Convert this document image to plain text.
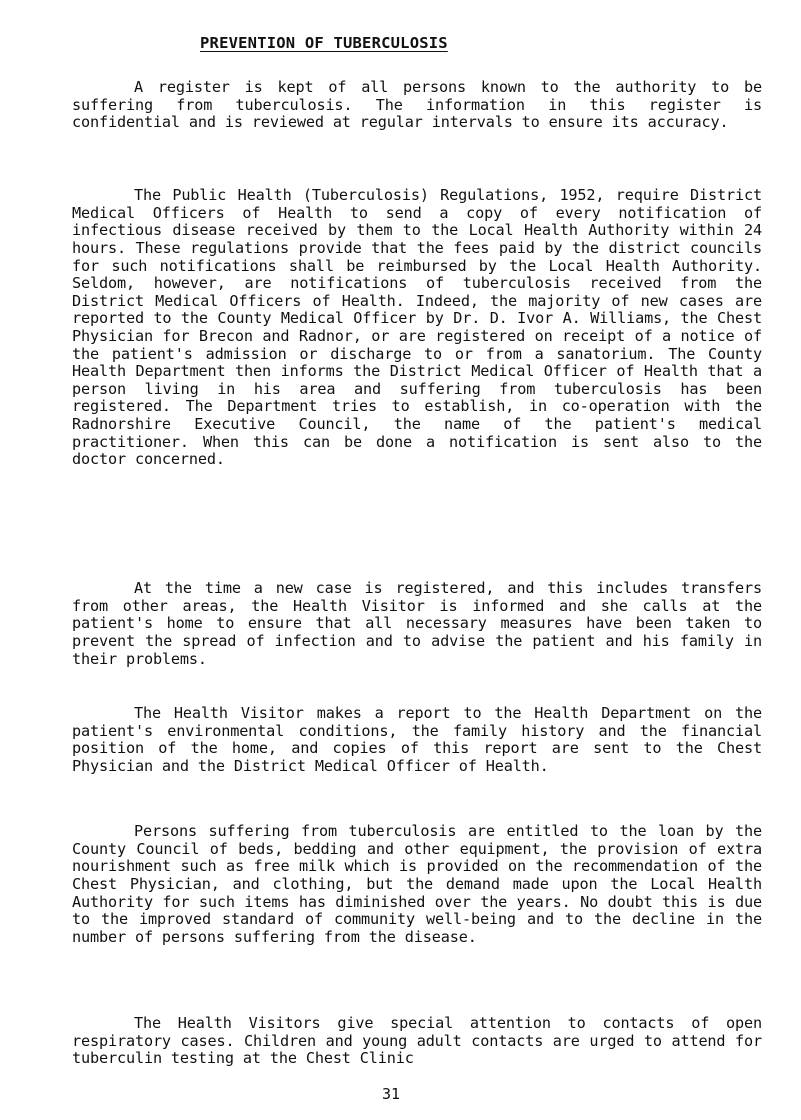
PREVENTION OF TUBERCULOSIS

A register is kept of all persons known to the authority to be suffering from tuberculosis. The information in this register is confidential and is reviewed at regular intervals to ensure its accuracy.

The Public Health (Tuberculosis) Regulations, 1952, require District Medical Officers of Health to send a copy of every notification of infectious disease received by them to the Local Health Authority within 24 hours. These regulations provide that the fees paid by the district councils for such notifications shall be reimbursed by the Local Health Authority. Seldom, however, are notifications of tuberculosis received from the District Medical Officers of Health. Indeed, the majority of new cases are reported to the County Medical Officer by Dr. D. Ivor A. Williams, the Chest Physician for Brecon and Radnor, or are registered on receipt of a notice of the patient's admission or discharge to or from a sanatorium. The County Health Department then informs the District Medical Officer of Health that a person living in his area and suffering from tuberculosis has been registered. The Department tries to establish, in co-operation with the Radnorshire Executive Council, the name of the patient's medical practitioner. When this can be done a notification is sent also to the doctor concerned.

At the time a new case is registered, and this includes transfers from other areas, the Health Visitor is informed and she calls at the patient's home to ensure that all necessary measures have been taken to prevent the spread of infection and to advise the patient and his family in their problems.

The Health Visitor makes a report to the Health Department on the patient's environmental conditions, the family history and the financial position of the home, and copies of this report are sent to the Chest Physician and the District Medical Officer of Health.

Persons suffering from tuberculosis are entitled to the loan by the County Council of beds, bedding and other equipment, the provision of extra nourishment such as free milk which is provided on the recommendation of the Chest Physician, and clothing, but the demand made upon the Local Health Authority for such items has diminished over the years. No doubt this is due to the improved standard of community well-being and to the decline in the number of persons suffering from the disease.

The Health Visitors give special attention to contacts of open respiratory cases. Children and young adult contacts are urged to attend for tuberculin testing at the Chest Clinic

31
